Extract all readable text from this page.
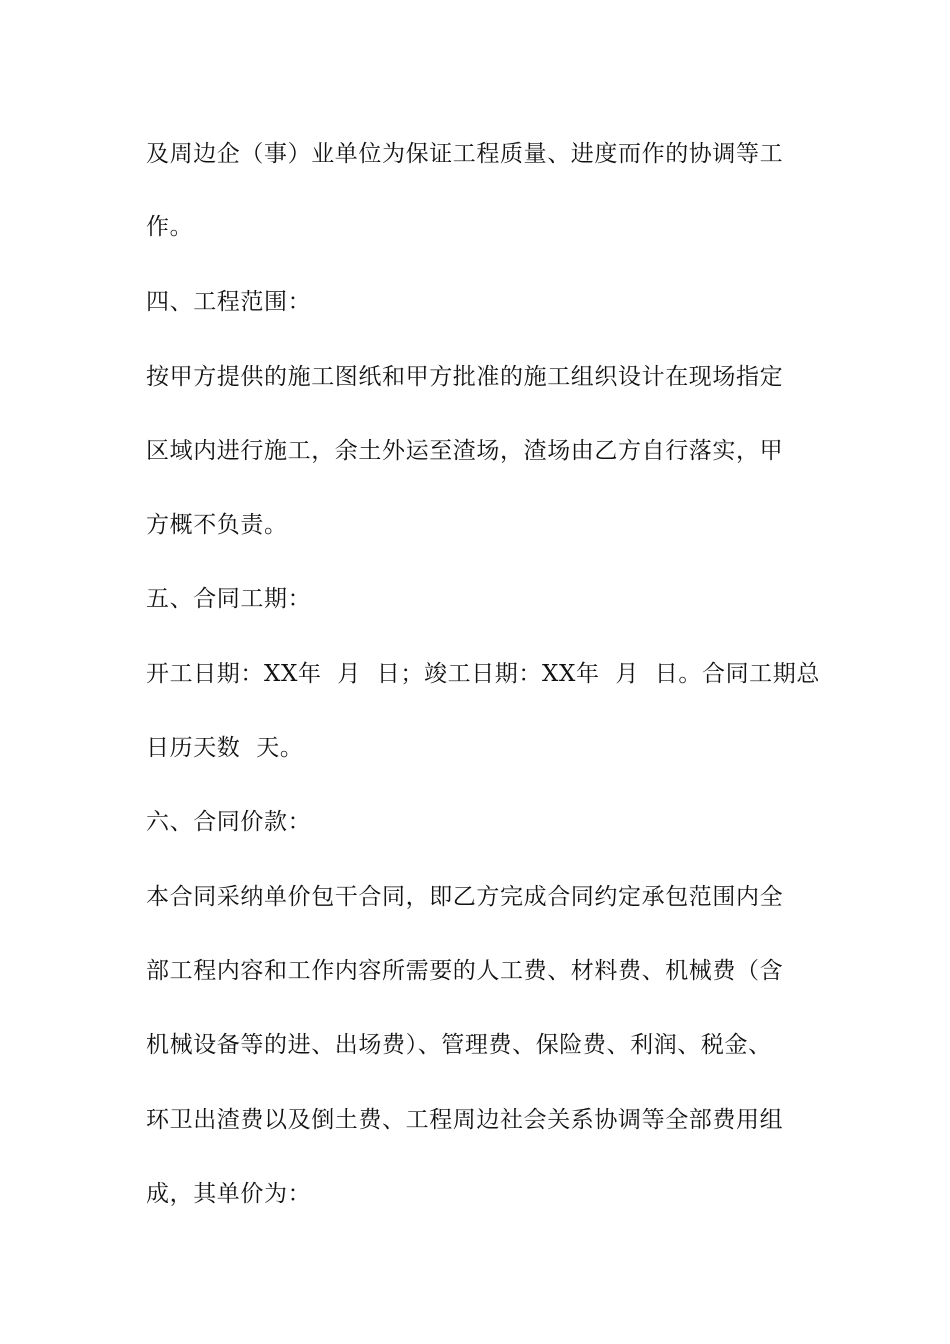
及周边企（事）业单位为保证工程质量、进度而作的协调等工
作。
四、工程范围：
按甲方提供的施工图纸和甲方批准的施工组织设计在现场指定
区域内进行施工，余土外运至渣场，渣场由乙方自行落实，甲
方概不负责。
五、合同工期：
开工日期：XX年  月  日；竣工日期：XX年  月  日。合同工期总
日历天数  天。
六、合同价款：
本合同采纳单价包干合同，即乙方完成合同约定承包范围内全
部工程内容和工作内容所需要的人工费、材料费、机械费（含
机械设备等的进、出场费）、管理费、保险费、利润、税金、
环卫出渣费以及倒土费、工程周边社会关系协调等全部费用组
成，其单价为：
